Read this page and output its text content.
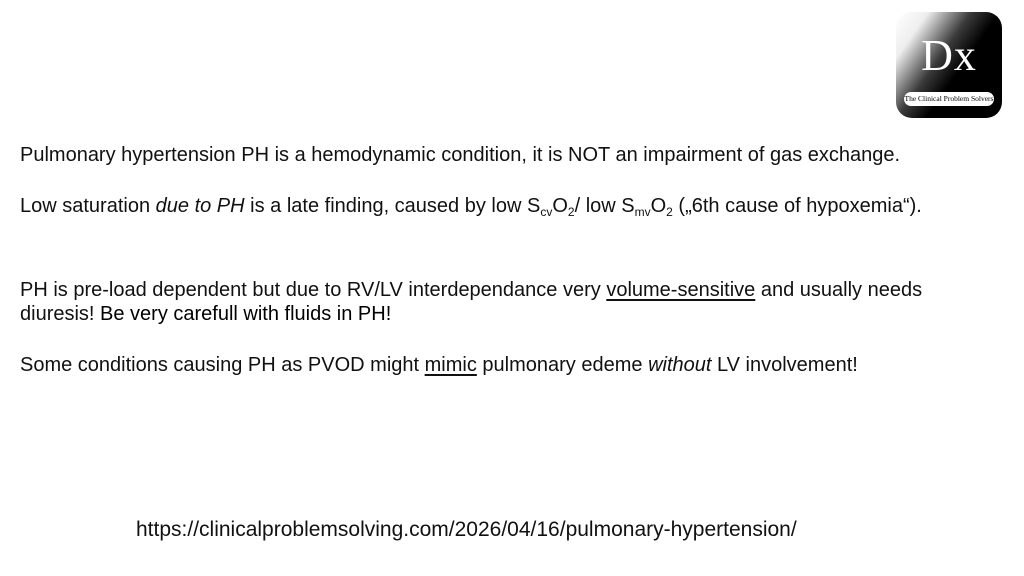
Dx
The Clinical Problem Solvers

Pulmonary hypertension PH is a hemodynamic condition, it is NOT an impairment of gas exchange.

Low saturation due to PH is a late finding, caused by low $S_{cv}O_2/$ low $S_{mv}O_2$ („6th cause of hypoxemia“).

PH is pre-load dependent but due to RV/LV interdependance very volume-sensitive and usually needs
diuresis! Be very carefull with fluids in PH!

Some conditions causing PH as PVOD might mimic pulmonary edeme without LV involvement!

https://clinicalproblemsolving.com/2026/04/16/pulmonary-hypertension/
